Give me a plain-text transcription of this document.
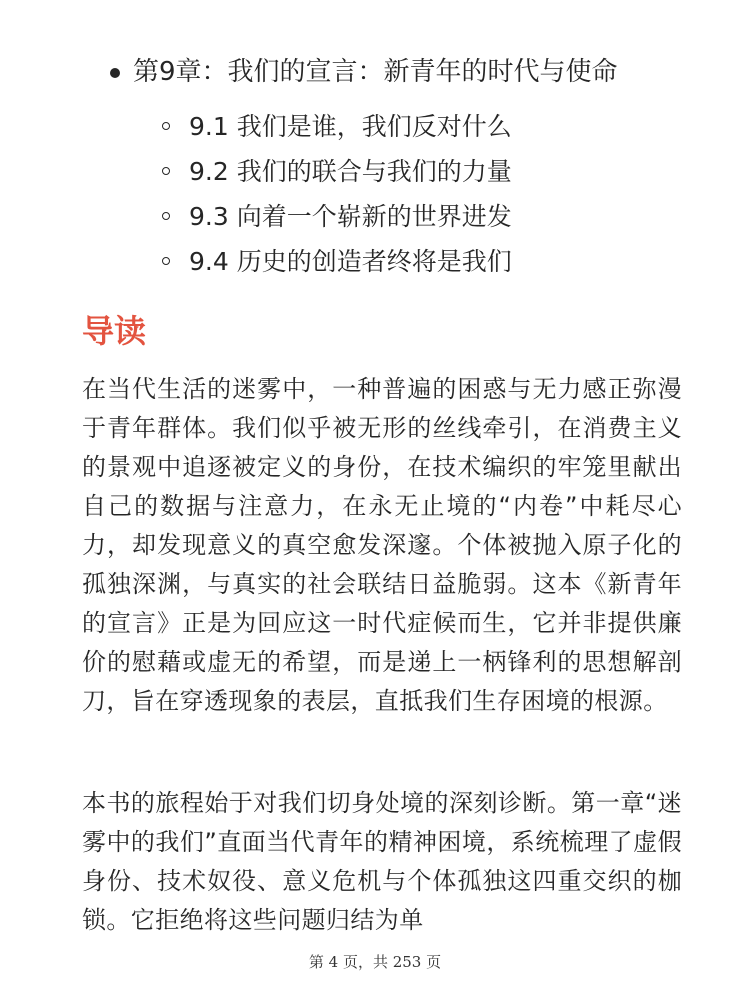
第9章：我们的宣言：新青年的时代与使命
9.1 我们是谁，我们反对什么
9.2 我们的联合与我们的力量
9.3 向着一个崭新的世界进发
9.4 历史的创造者终将是我们
导读

在当代生活的迷雾中，一种普遍的困惑与无力感正弥漫于青年群体。我们似乎被无形的丝线牵引，在消费主义的景观中追逐被定义的身份，在技术编织的牢笼里献出自己的数据与注意力，在永无止境的“内卷”中耗尽心力，却发现意义的真空愈发深邃。个体被抛入原子化的孤独深渊，与真实的社会联结日益脆弱。这本《新青年的宣言》正是为回应这一时代症候而生，它并非提供廉价的慰藉或虚无的希望，而是递上一柄锋利的思想解剖刀，旨在穿透现象的表层，直抵我们生存困境的根源。

本书的旅程始于对我们切身处境的深刻诊断。第一章“迷雾中的我们”直面当代青年的精神困境，系统梳理了虚假身份、技术奴役、意义危机与个体孤独这四重交织的枷锁。它拒绝将这些问题归结为单

第 4 页，共 253 页
